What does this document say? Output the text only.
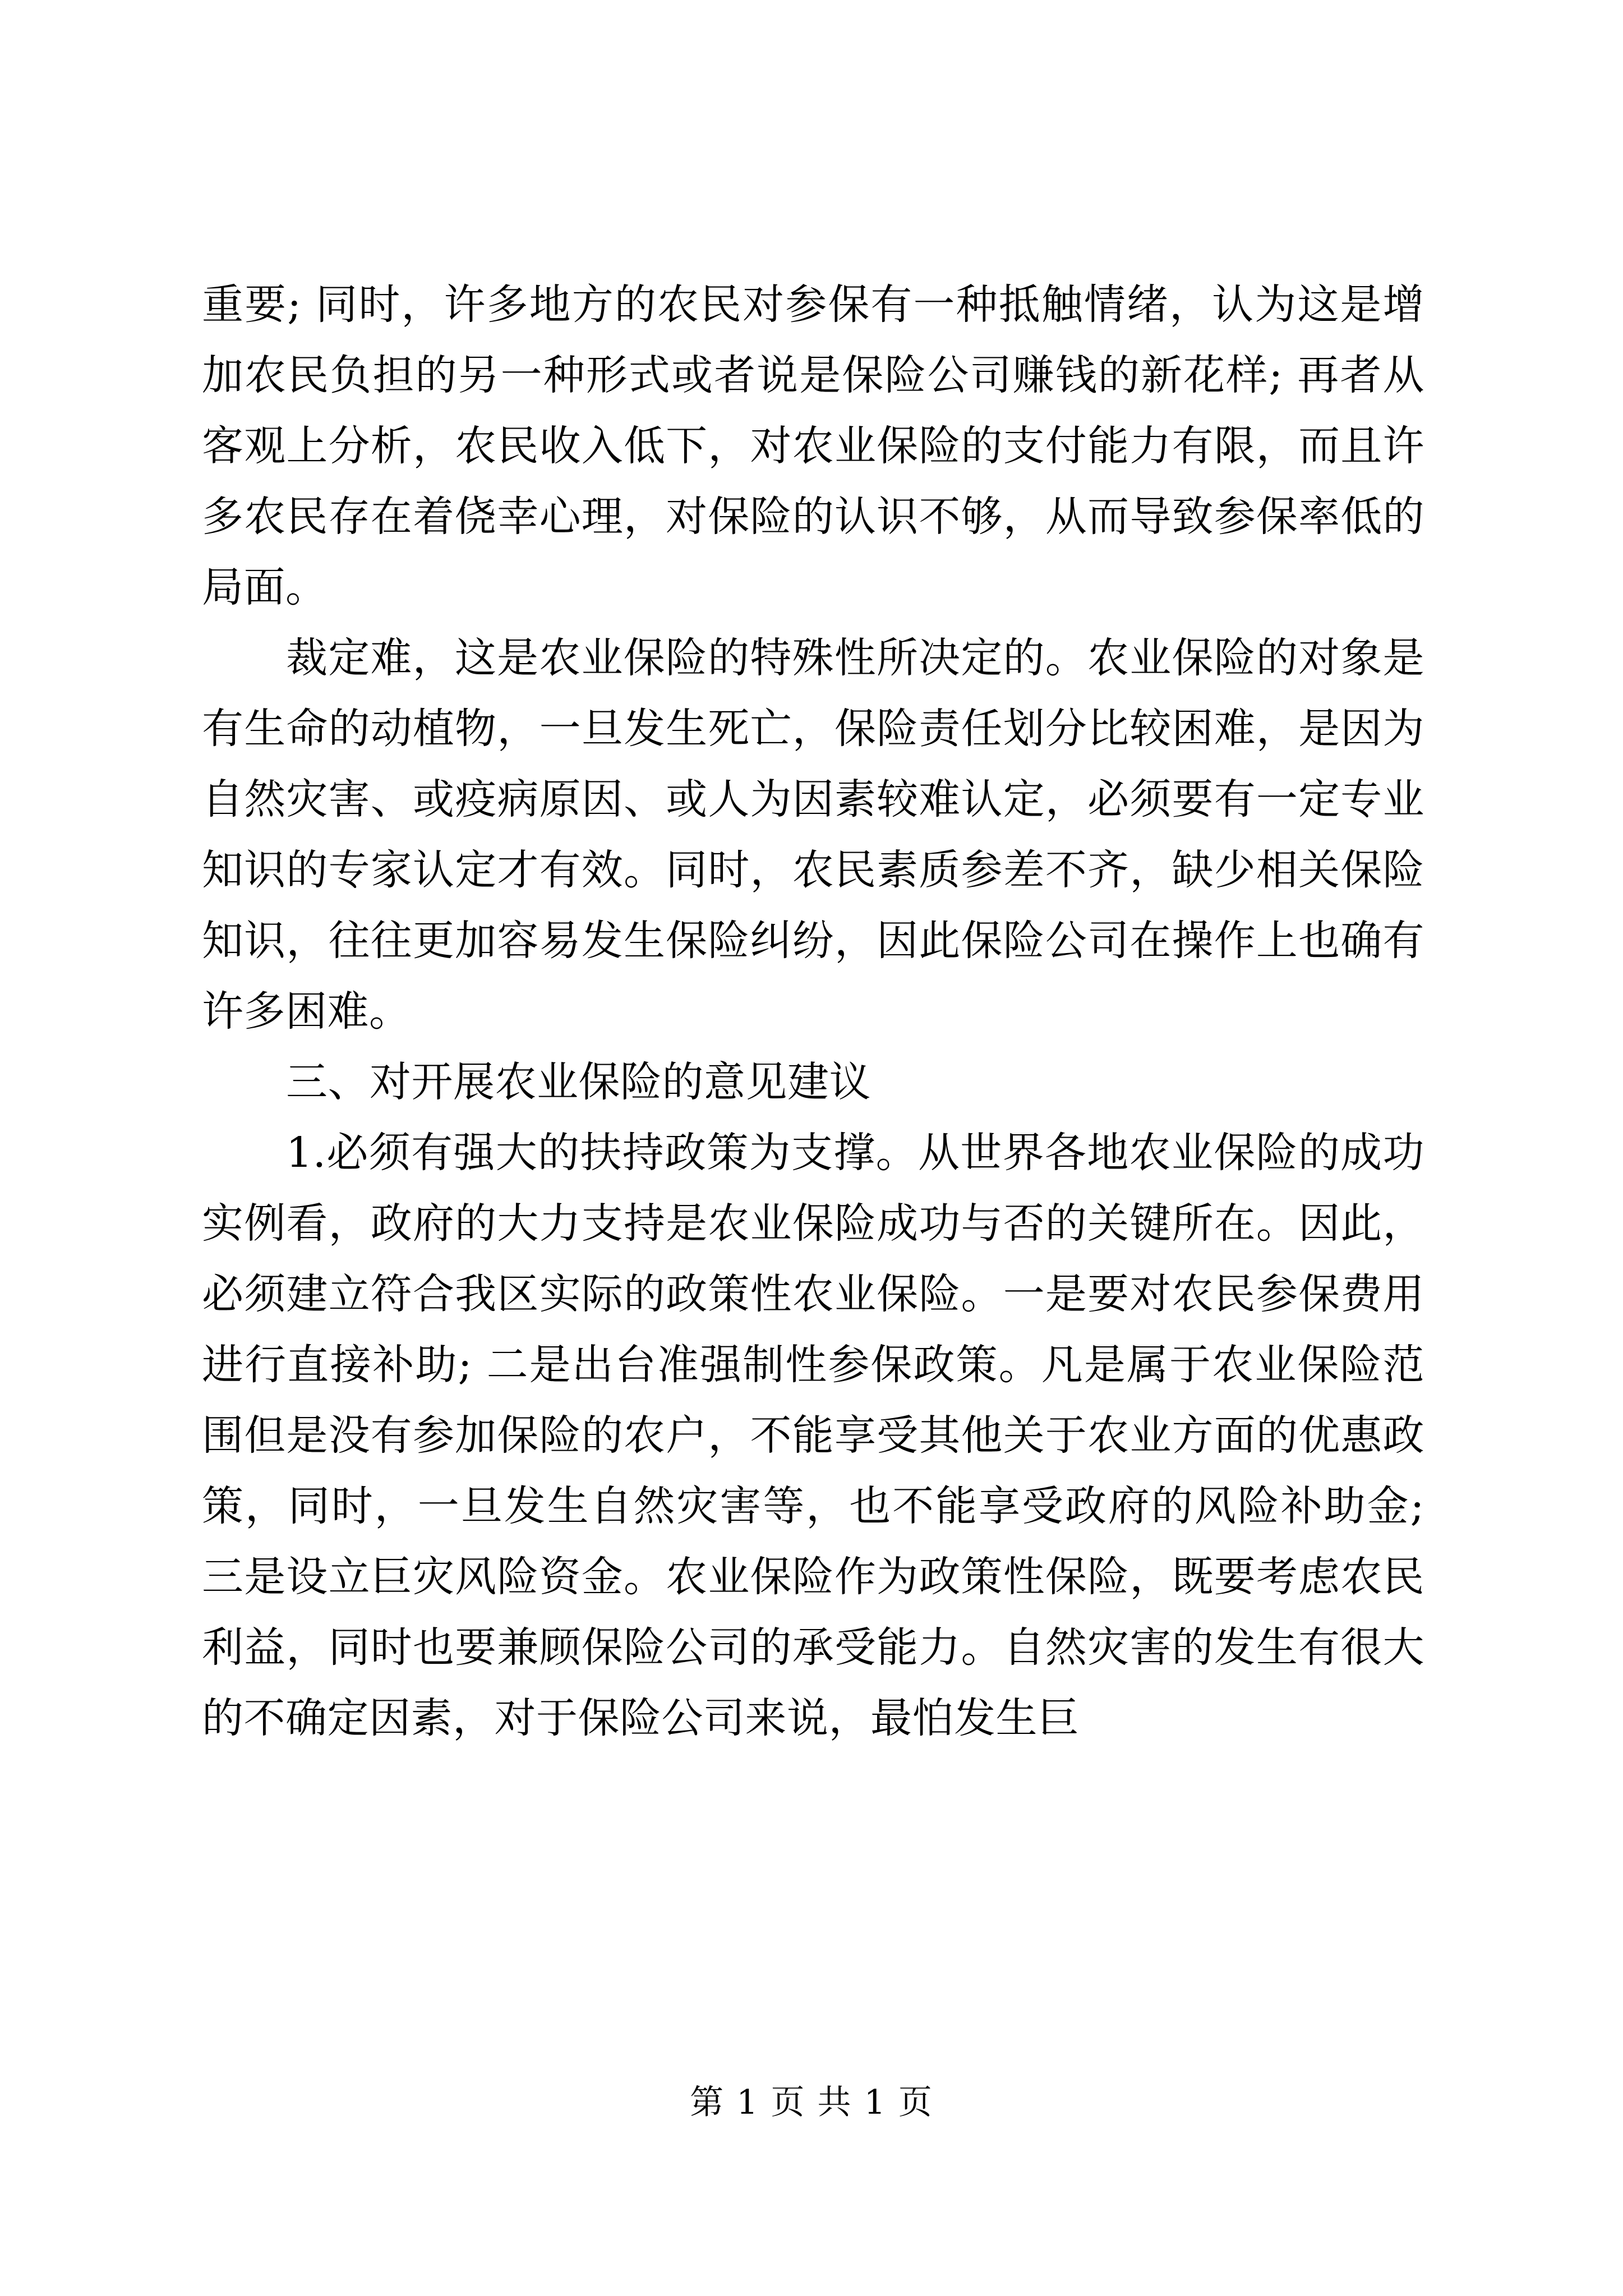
重要; 同时，许多地方的农民对参保有一种抵触情绪，认为这是增加农民负担的另一种形式或者说是保险公司赚钱的新花样; 再者从客观上分析，农民收入低下，对农业保险的支付能力有限，而且许多农民存在着侥幸心理，对保险的认识不够，从而导致参保率低的局面。

裁定难，这是农业保险的特殊性所决定的。农业保险的对象是有生命的动植物，一旦发生死亡，保险责任划分比较困难，是因为自然灾害、或疫病原因、或人为因素较难认定，必须要有一定专业知识的专家认定才有效。同时，农民素质参差不齐，缺少相关保险知识，往往更加容易发生保险纠纷，因此保险公司在操作上也确有许多困难。

三、对开展农业保险的意见建议

1.必须有强大的扶持政策为支撑。从世界各地农业保险的成功实例看，政府的大力支持是农业保险成功与否的关键所在。因此，必须建立符合我区实际的政策性农业保险。一是要对农民参保费用进行直接补助; 二是出台准强制性参保政策。凡是属于农业保险范围但是没有参加保险的农户，不能享受其他关于农业方面的优惠政策，同时，一旦发生自然灾害等，也不能享受政府的风险补助金; 三是设立巨灾风险资金。农业保险作为政策性保险，既要考虑农民利益，同时也要兼顾保险公司的承受能力。自然灾害的发生有很大的不确定因素，对于保险公司来说，最怕发生巨

第 1 页 共 1 页
